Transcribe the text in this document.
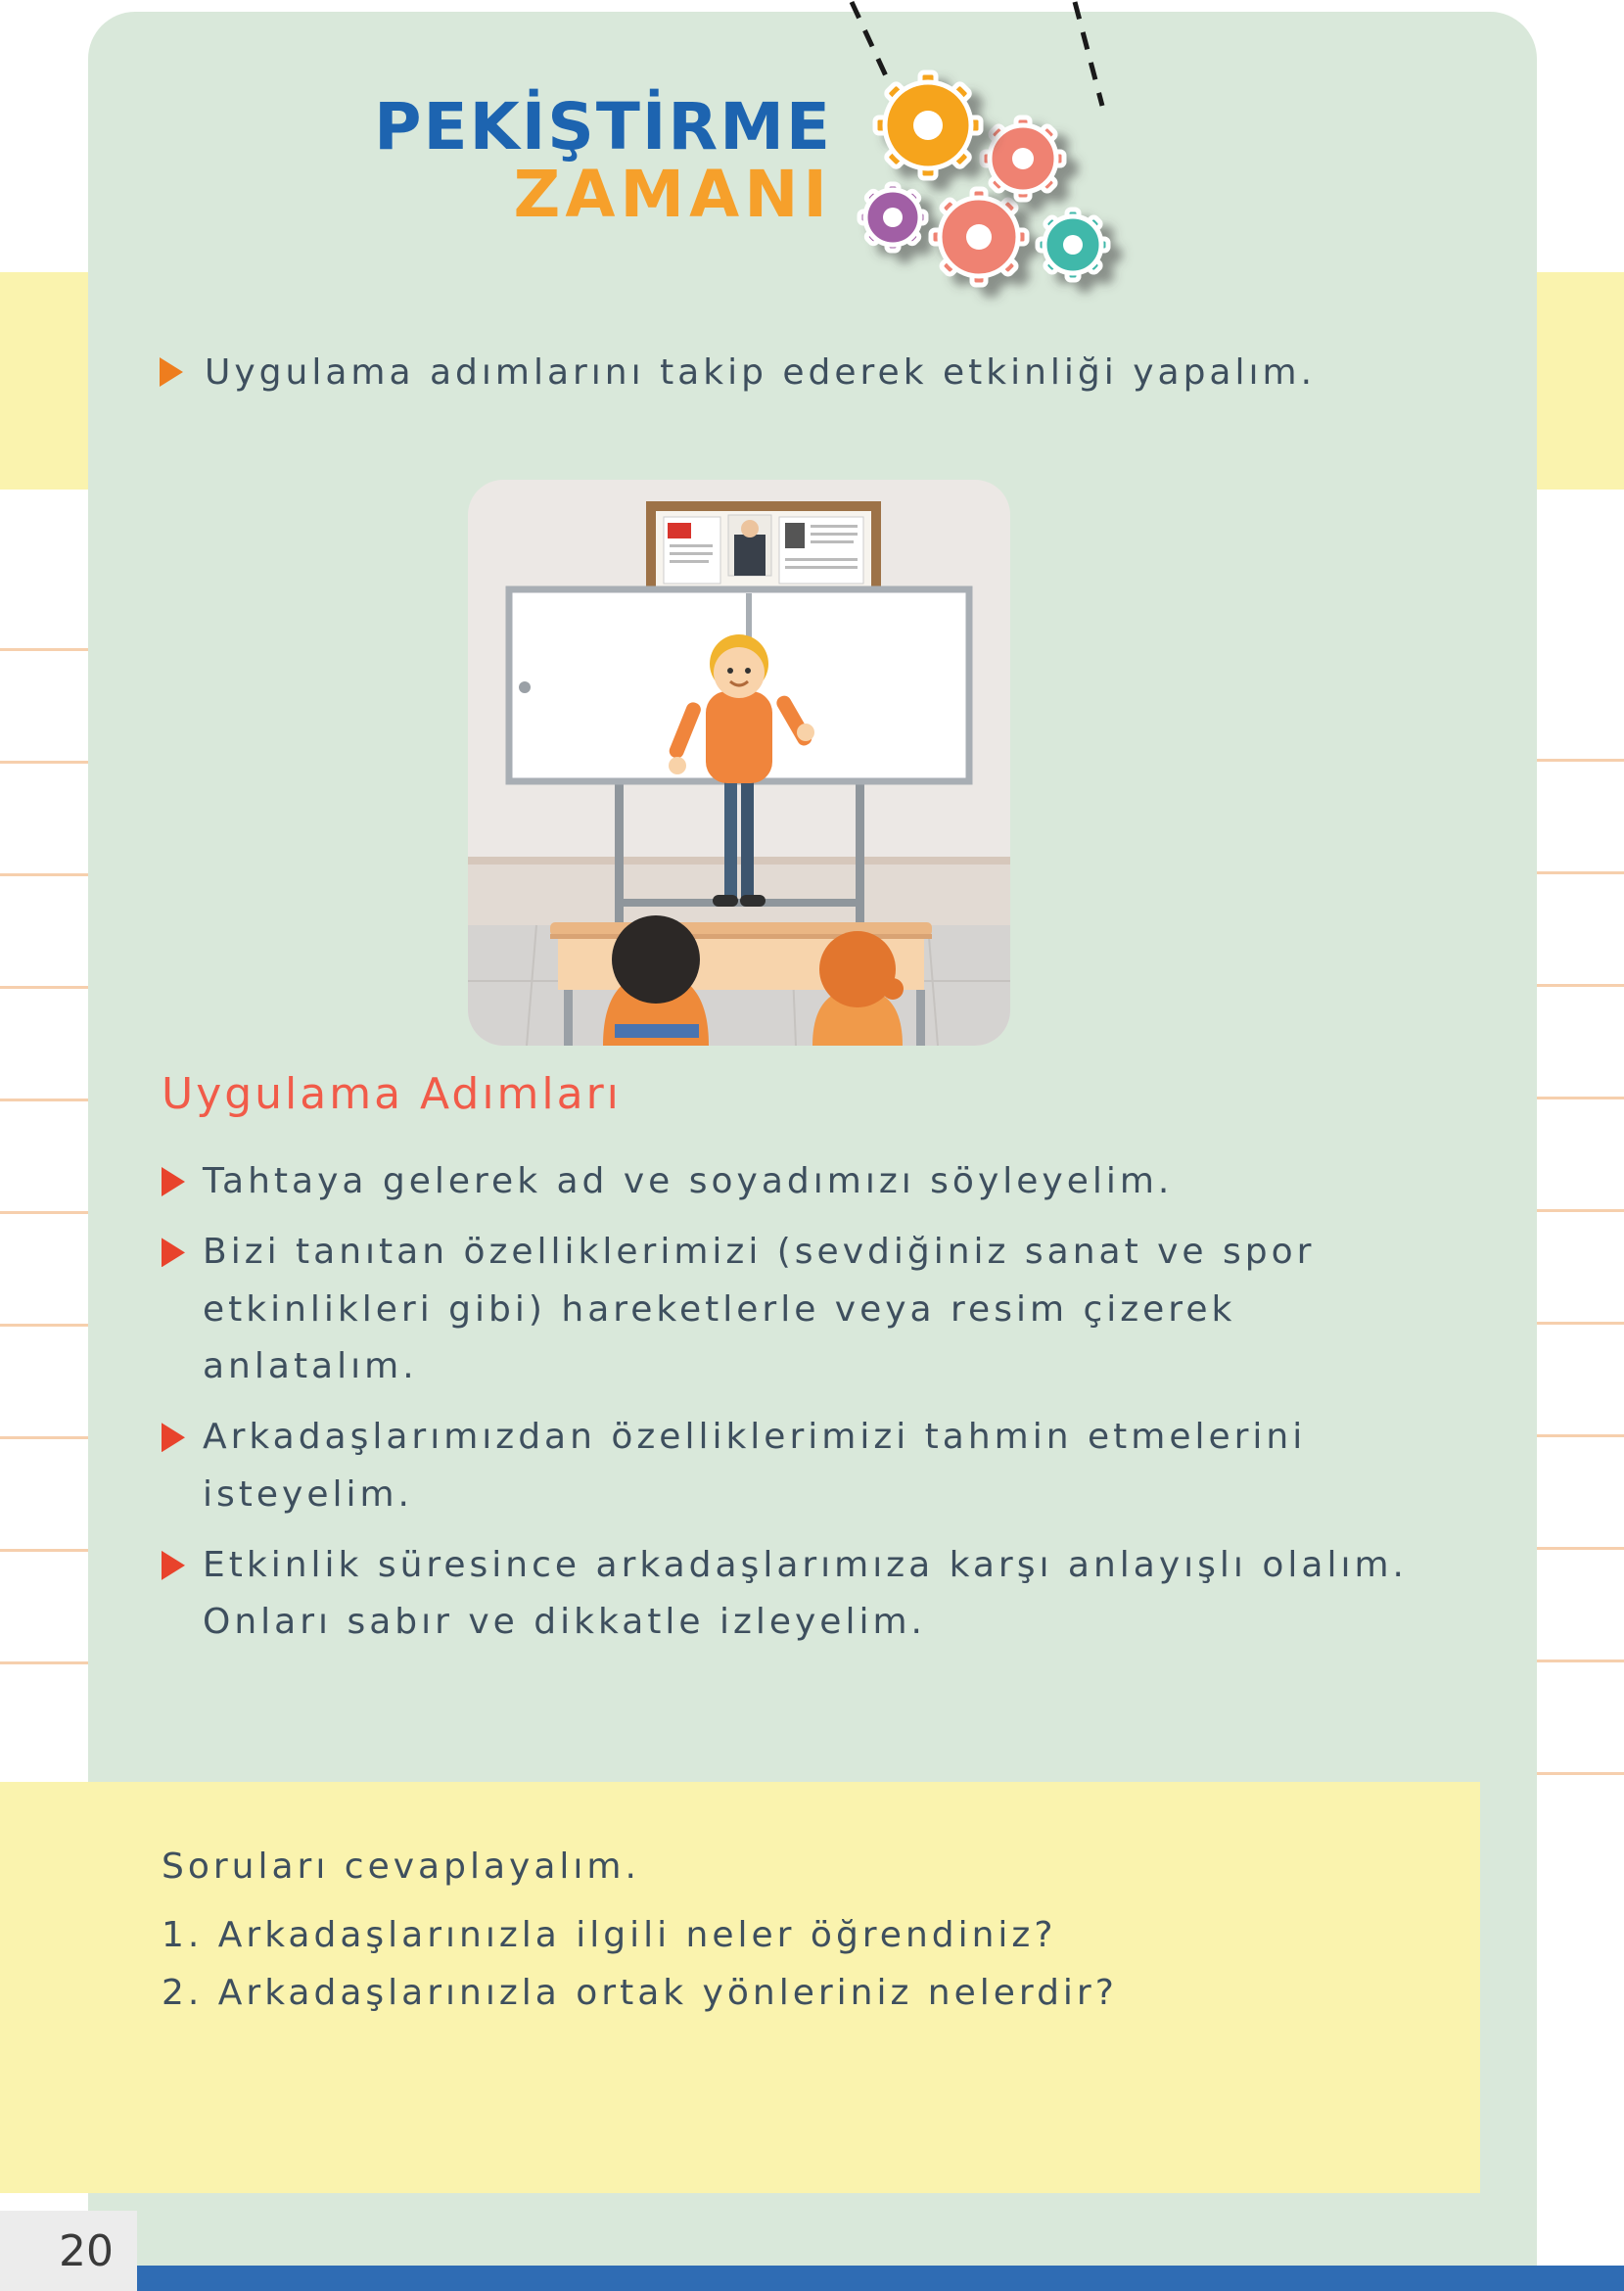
PEKİŞTİRME
ZAMANI
Uygulama adımlarını takip ederek etkinliği yapalım.
Uygulama Adımları
Tahtaya gelerek ad ve soyadımızı söyleyelim.
Bizi tanıtan özelliklerimizi (sevdiğiniz sanat ve spor etkinlikleri gibi) hareketlerle veya resim çizerek anlatalım.
Arkadaşlarımızdan özelliklerimizi tahmin etmelerini isteyelim.
Etkinlik süresince arkadaşlarımıza karşı anlayışlı olalım. Onları sabır ve dikkatle izleyelim.
Soruları cevaplayalım.
1. Arkadaşlarınızla ilgili neler öğrendiniz?
2. Arkadaşlarınızla ortak yönleriniz nelerdir?
20
